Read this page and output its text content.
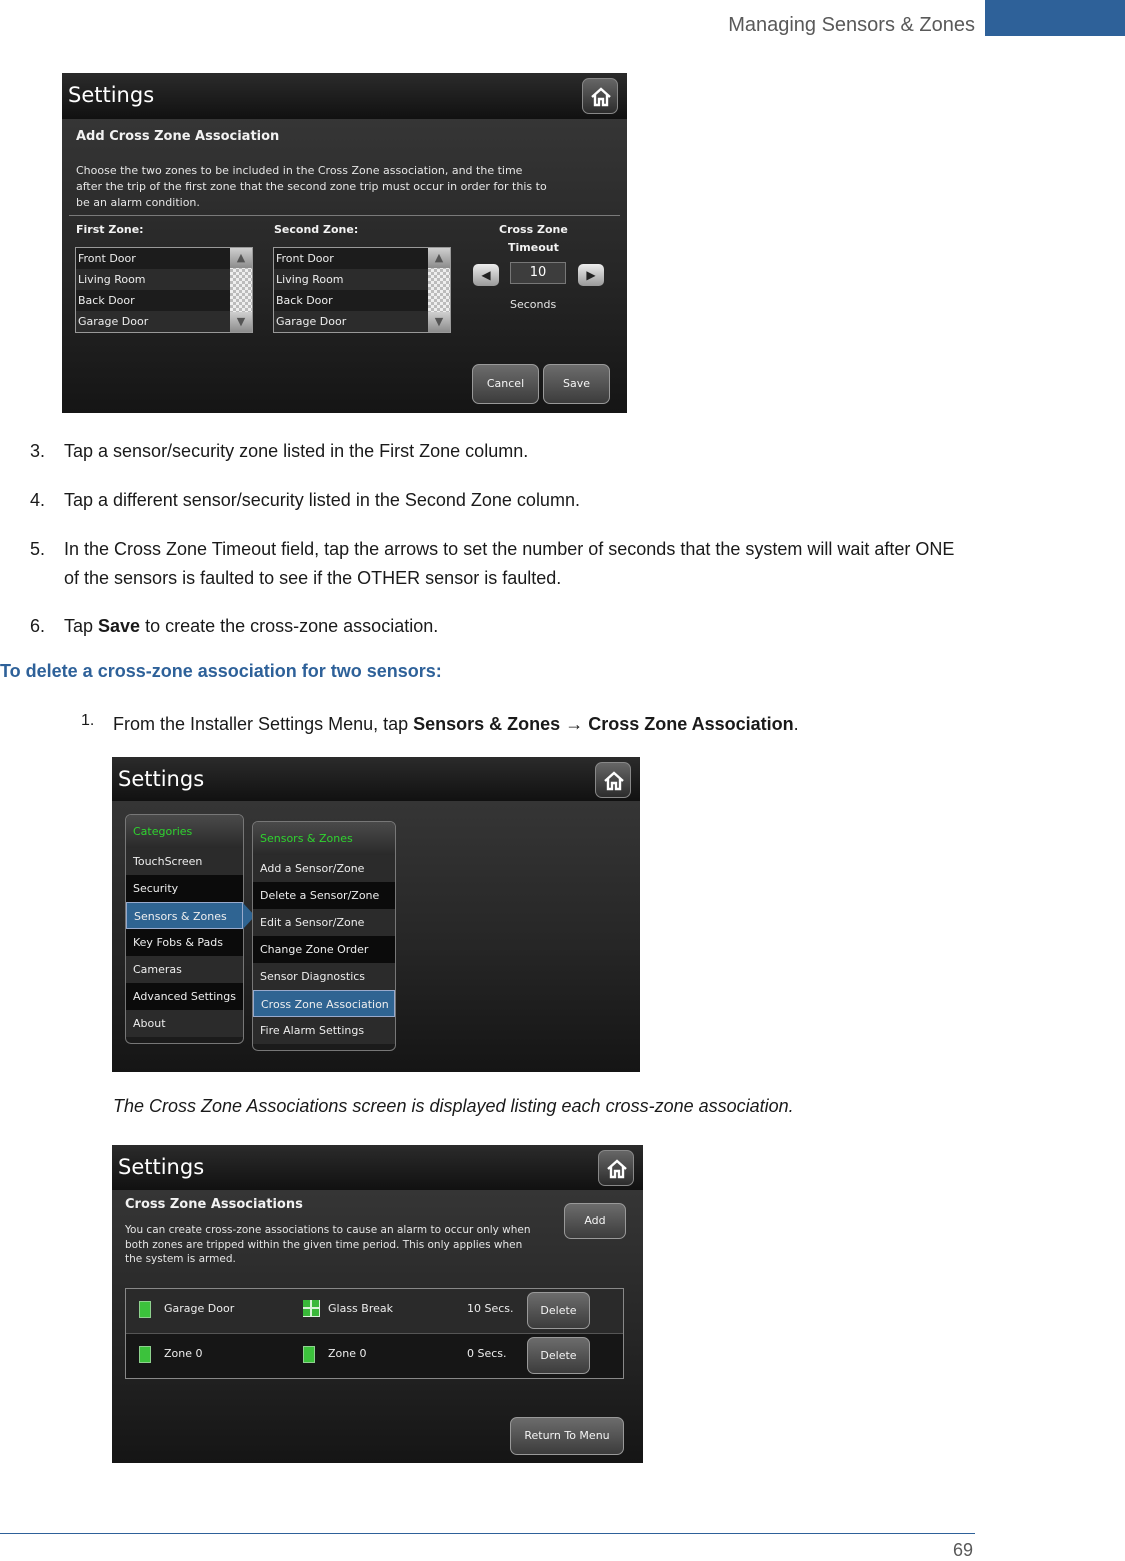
Managing Sensors & Zones
Settings
Add Cross Zone Association
Choose the two zones to be included in the Cross Zone association, and the time
after the trip of the first zone that the second zone trip must occur in order for this to
be an alarm condition.
First Zone:
Front Door
Living Room
Back Door
Garage Door
▲
▼
Second Zone:
Front Door
Living Room
Back Door
Garage Door
▲
▼
Cross Zone
Timeout
◀	10	▶
Seconds
Cancel	Save
3. Tap a sensor/security zone listed in the First Zone column.
4. Tap a different sensor/security listed in the Second Zone column.
5. In the Cross Zone Timeout field, tap the arrows to set the number of seconds that the system will wait after ONE of the sensors is faulted to see if the OTHER sensor is faulted.
6. Tap Save to create the cross-zone association.
To delete a cross-zone association for two sensors:
1. From the Installer Settings Menu, tap Sensors & Zones → Cross Zone Association.
Settings
Categories
TouchScreen
Security
Sensors & Zones
Key Fobs & Pads
Cameras
Advanced Settings
About
Sensors & Zones
Add a Sensor/Zone
Delete a Sensor/Zone
Edit a Sensor/Zone
Change Zone Order
Sensor Diagnostics
Cross Zone Association
Fire Alarm Settings
The Cross Zone Associations screen is displayed listing each cross-zone association.
Settings
Cross Zone Associations
You can create cross-zone associations to cause an alarm to occur only when
both zones are tripped within the given time period. This only applies when
the system is armed.
Add
Garage Door	Glass Break	10 Secs.	Delete
Zone 0	Zone 0	0 Secs.	Delete
Return To Menu
69
